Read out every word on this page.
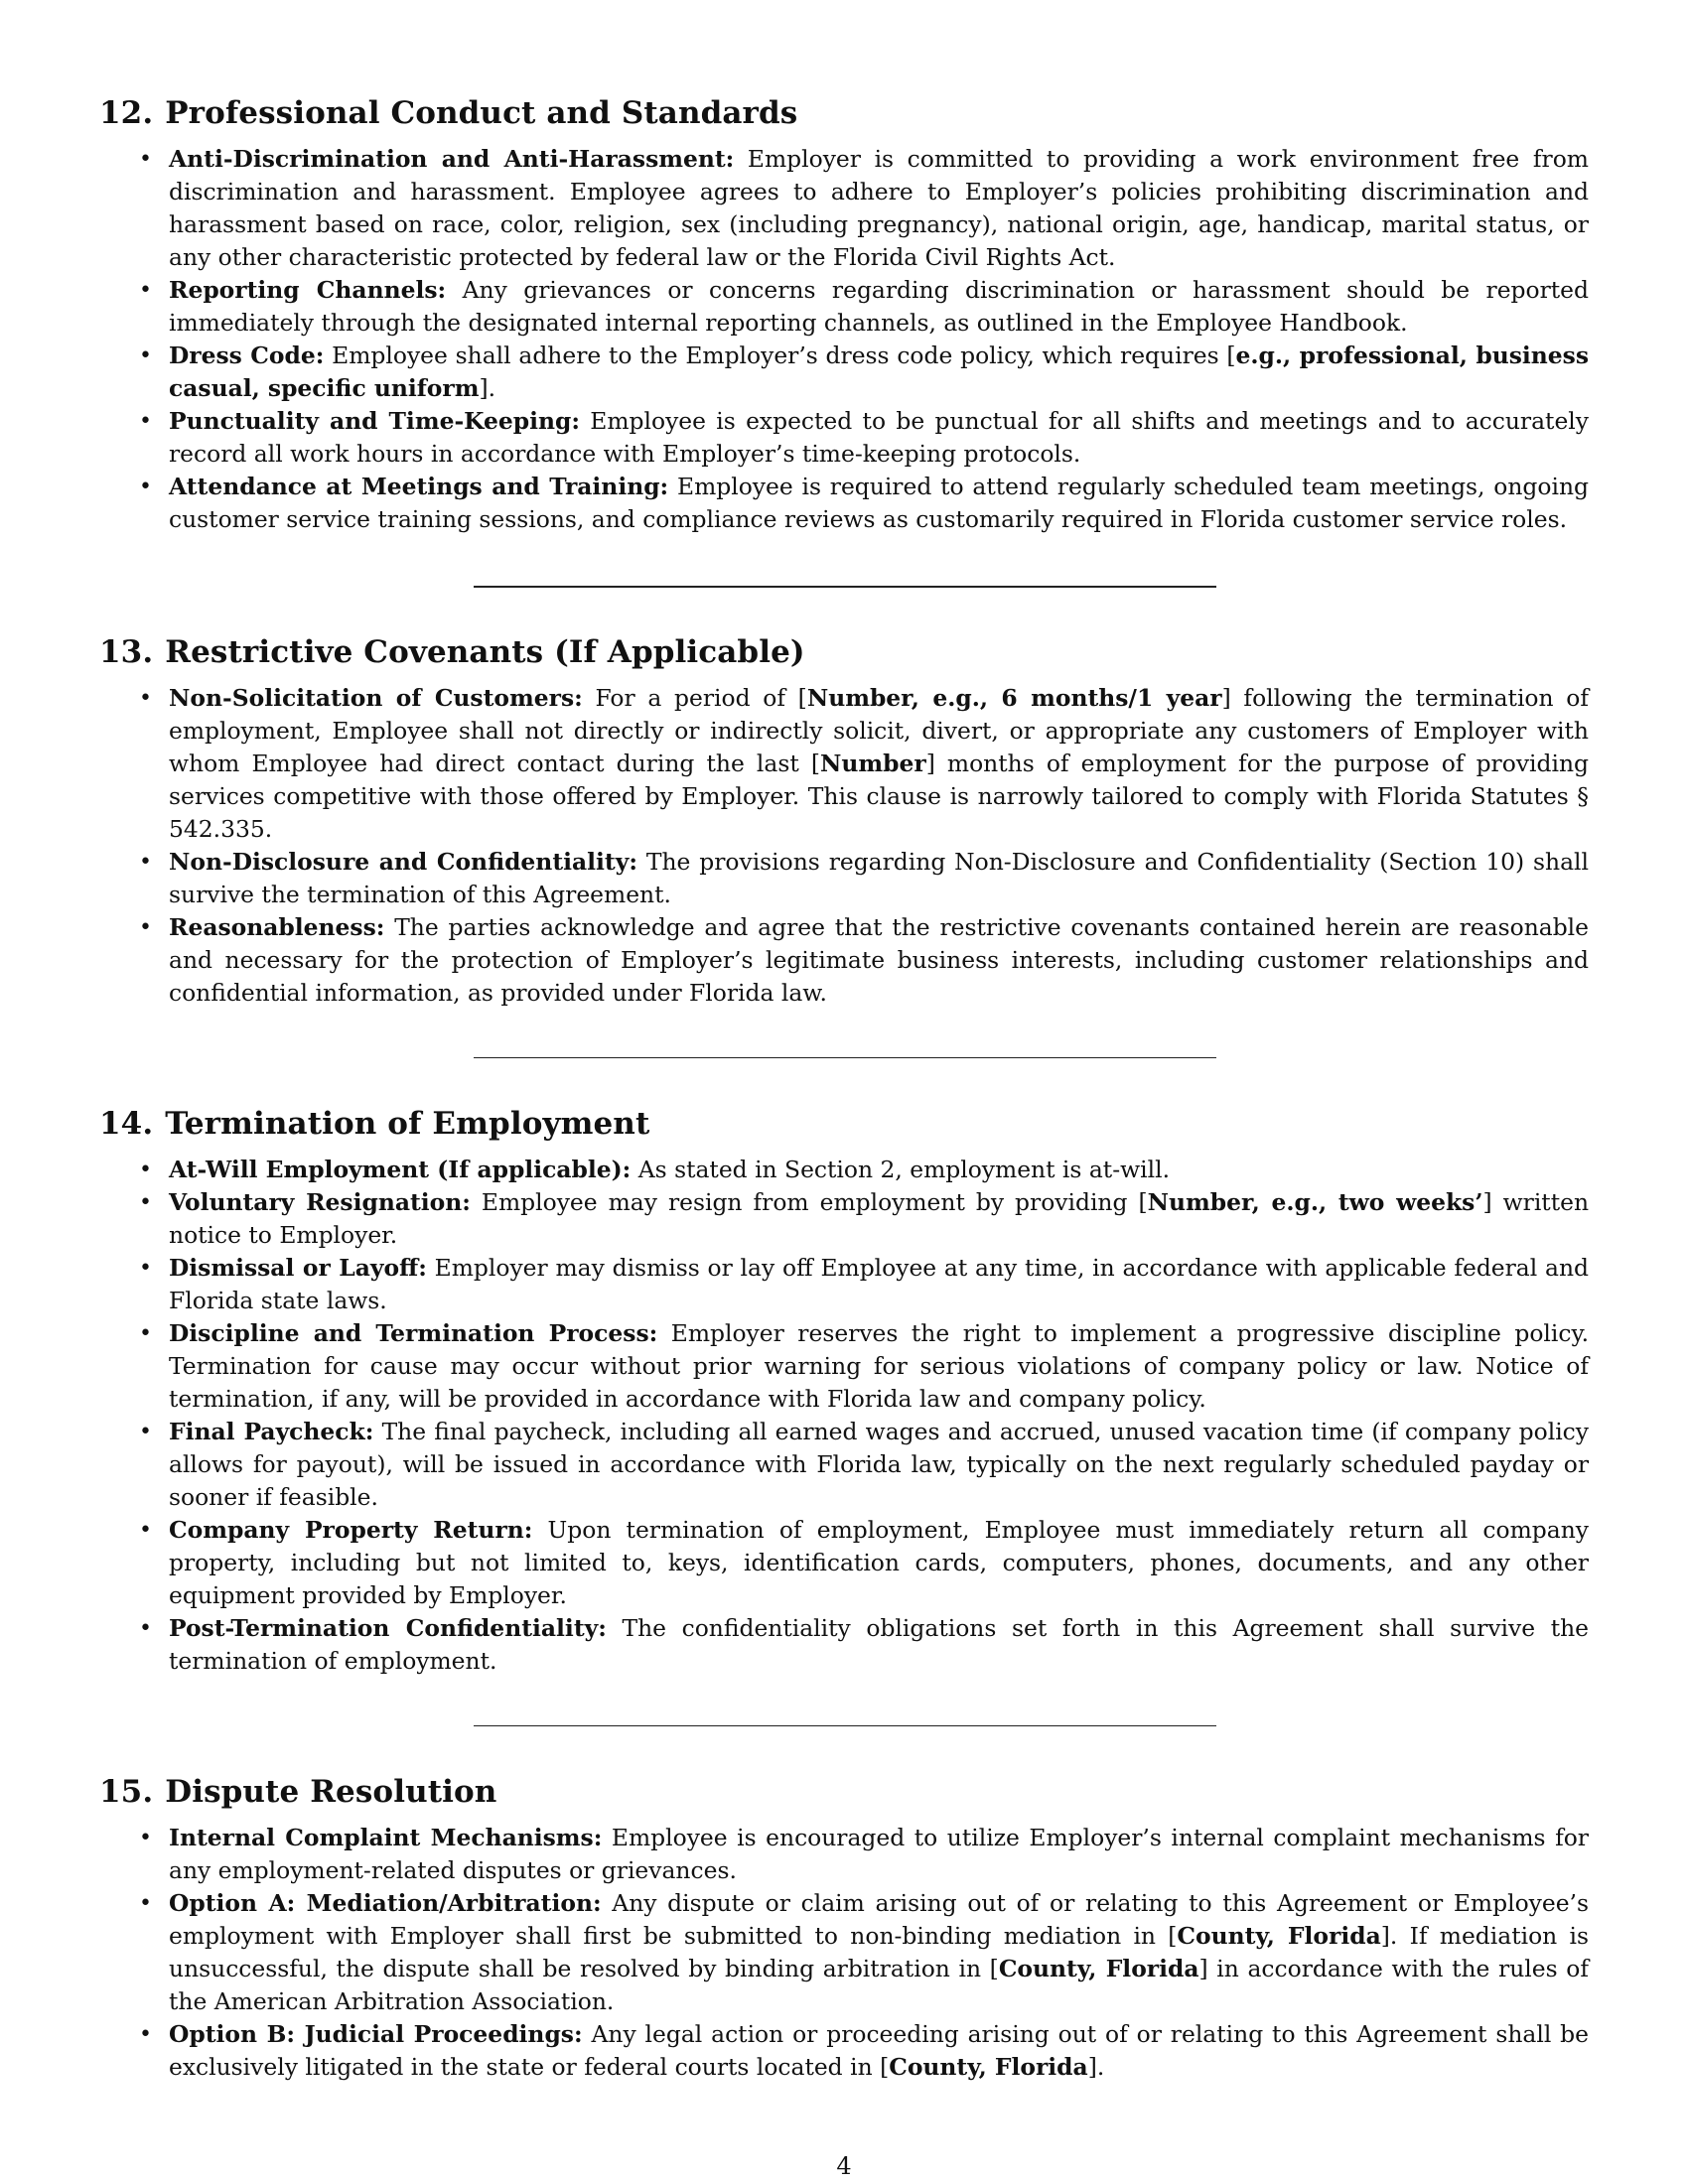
12. Professional Conduct and Standards
• Anti-Discrimination and Anti-Harassment: Employer is committed to providing a work environment free from discrimination and harassment. Employee agrees to adhere to Employer’s policies prohibiting discrimination and harassment based on race, color, religion, sex (including pregnancy), national origin, age, handicap, marital status, or any other characteristic protected by federal law or the Florida Civil Rights Act.
• Reporting Channels: Any grievances or concerns regarding discrimination or harassment should be reported immediately through the designated internal reporting channels, as outlined in the Employee Handbook.
• Dress Code: Employee shall adhere to the Employer’s dress code policy, which requires [e.g., professional, business casual, specific uniform].
• Punctuality and Time-Keeping: Employee is expected to be punctual for all shifts and meetings and to accurately record all work hours in accordance with Employer’s time-keeping protocols.
• Attendance at Meetings and Training: Employee is required to attend regularly scheduled team meetings, ongoing customer service training sessions, and compliance reviews as customarily required in Florida customer service roles.
13. Restrictive Covenants (If Applicable)
• Non-Solicitation of Customers: For a period of [Number, e.g., 6 months/1 year] following the termination of employment, Employee shall not directly or indirectly solicit, divert, or appropriate any customers of Employer with whom Employee had direct contact during the last [Number] months of employment for the purpose of providing services competitive with those offered by Employer. This clause is narrowly tailored to comply with Florida Statutes § 542.335.
• Non-Disclosure and Confidentiality: The provisions regarding Non-Disclosure and Confidentiality (Section 10) shall survive the termination of this Agreement.
• Reasonableness: The parties acknowledge and agree that the restrictive covenants contained herein are reasonable and necessary for the protection of Employer’s legitimate business interests, including customer relationships and confidential information, as provided under Florida law.
14. Termination of Employment
• At-Will Employment (If applicable): As stated in Section 2, employment is at-will.
• Voluntary Resignation: Employee may resign from employment by providing [Number, e.g., two weeks’] written notice to Employer.
• Dismissal or Layoff: Employer may dismiss or lay off Employee at any time, in accordance with applicable federal and Florida state laws.
• Discipline and Termination Process: Employer reserves the right to implement a progressive discipline policy. Termination for cause may occur without prior warning for serious violations of company policy or law. Notice of termination, if any, will be provided in accordance with Florida law and company policy.
• Final Paycheck: The final paycheck, including all earned wages and accrued, unused vacation time (if company policy allows for payout), will be issued in accordance with Florida law, typically on the next regularly scheduled payday or sooner if feasible.
• Company Property Return: Upon termination of employment, Employee must immediately return all company property, including but not limited to, keys, identification cards, computers, phones, documents, and any other equipment provided by Employer.
• Post-Termination Confidentiality: The confidentiality obligations set forth in this Agreement shall survive the termination of employment.
15. Dispute Resolution
• Internal Complaint Mechanisms: Employee is encouraged to utilize Employer’s internal complaint mechanisms for any employment-related disputes or grievances.
• Option A: Mediation/Arbitration: Any dispute or claim arising out of or relating to this Agreement or Employee’s employment with Employer shall first be submitted to non-binding mediation in [County, Florida]. If mediation is unsuccessful, the dispute shall be resolved by binding arbitration in [County, Florida] in accordance with the rules of the American Arbitration Association.
• Option B: Judicial Proceedings: Any legal action or proceeding arising out of or relating to this Agreement shall be exclusively litigated in the state or federal courts located in [County, Florida].
4
